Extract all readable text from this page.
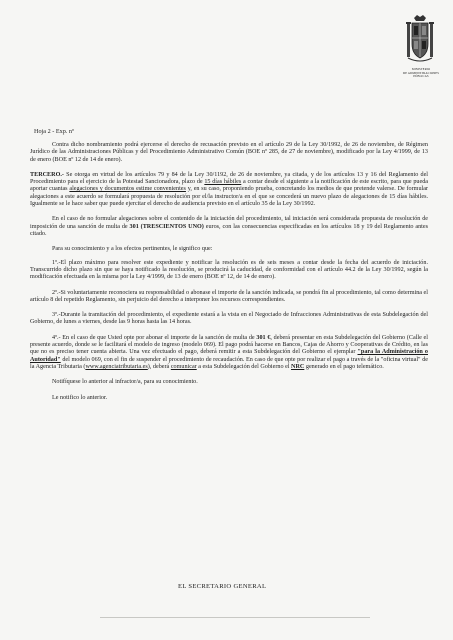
MINISTERIO
DE ADMINISTRACIONES
PÚBLICAS
Hoja 2 - Exp. nº

Contra dicho nombramiento podrá ejercerse el derecho de recusación previsto en el artículo 29 de la Ley 30/1992, de 26 de noviembre, de Régimen Jurídico de las Administraciones Públicas y del Procedimiento Administrativo Común (BOE nº 285, de 27 de noviembre), modificado por la Ley 4/1999, de 13 de enero (BOE nº 12 de 14 de enero).

TERCERO.- Se otorga en virtud de los artículos 79 y 84 de la Ley 30/1192, de 26 de noviembre, ya citada, y de los artículos 13 y 16 del Reglamento del Procedimiento para el ejercicio de la Potestad Sancionadora, plazo de 15 días hábiles a contar desde el siguiente a la notificación de este escrito, para que pueda aportar cuantas alegaciones y documentos estime convenientes y, en su caso, proponiendo prueba, concretando los medios de que pretende valerse. De formular alegaciones a este acuerdo se formulará propuesta de resolución por el/la instructor/a en el que se concederá un nuevo plazo de alegaciones de 15 días hábiles. Igualmente se le hace saber que puede ejercitar el derecho de audiencia previsto en el artículo 35 de la Ley 30/1992.

En el caso de no formular alegaciones sobre el contenido de la iniciación del procedimiento, tal iniciación será considerada propuesta de resolución de imposición de una sanción de multa de 301 (TRESCIENTOS UNO) euros, con las consecuencias especificadas en los artículos 18 y 19 del Reglamento antes citado.

Para su conocimiento y a los efectos pertinentes, le significo que:

1º.-El plazo máximo para resolver este expediente y notificar la resolución es de seis meses a contar desde la fecha del acuerdo de iniciación. Transcurrido dicho plazo sin que se haya notificado la resolución, se producirá la caducidad, de conformidad con el artículo 44.2 de la Ley 30/1992, según la modificación efectuada en la misma por la Ley 4/1999, de 13 de enero (BOE nº 12, de 14 de enero).

2º.-Si voluntariamente reconociera su responsabilidad o abonase el importe de la sanción indicada, se pondrá fin al procedimiento, tal como determina el artículo 8 del repetido Reglamento, sin perjuicio del derecho a interponer los recursos correspondientes.

3º.-Durante la tramitación del procedimiento, el expediente estará a la vista en el Negociado de Infracciones Administrativas de esta Subdelegación del Gobierno, de lunes a viernes, desde las 9 horas hasta las 14 horas.

4º.- En el caso de que Usted opte por abonar el importe de la sanción de multa de 301 €, deberá presentar en esta Subdelegación del Gobierno (Calle el presente acuerdo, donde se le facilitará el modelo de ingreso (modelo 069). El pago podrá hacerse en Bancos, Cajas de Ahorro y Cooperativas de Crédito, en las que no es preciso tener cuenta abierta. Una vez efectuado el pago, deberá remitir a esta Subdelegación del Gobierno el ejemplar "para la Administración o Autoridad" del modelo 069, con el fin de suspender el procedimiento de recaudación. En caso de que opte por realizar el pago a través de la "oficina virtual" de la Agencia Tributaria (www.agenciatributaria.es), deberá comunicar a esta Subdelegación del Gobierno el NRC generado en el pago telemático.

Notifíquese lo anterior al infractor/a, para su conocimiento.

Le notifico lo anterior.

EL SECRETARIO GENERAL
